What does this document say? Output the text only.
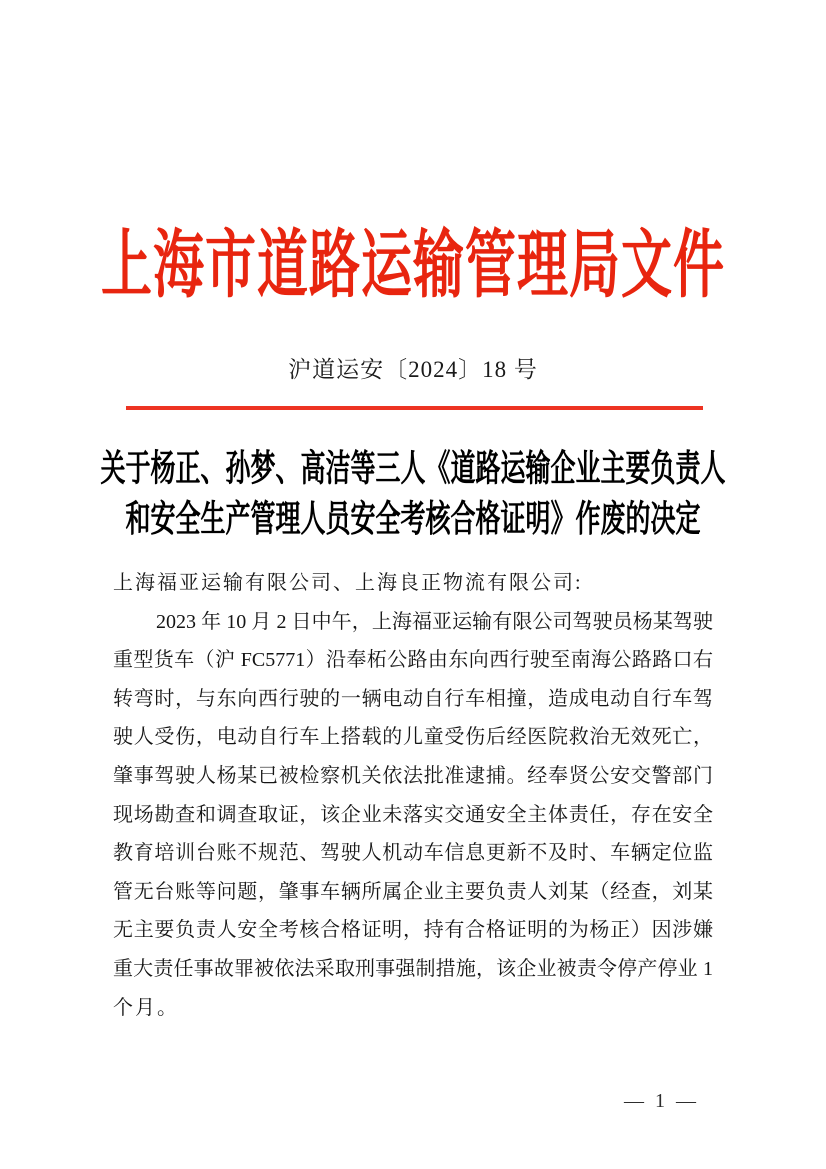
上海市道路运输管理局文件
沪道运安〔2024〕18 号
关于杨正、孙梦、高洁等三人《道路运输企业主要负责人
和安全生产管理人员安全考核合格证明》作废的决定
上海福亚运输有限公司、上海良正物流有限公司:
2023 年 10 月 2 日中午，上海福亚运输有限公司驾驶员杨某驾驶
重型货车（沪 FC5771）沿奉柘公路由东向西行驶至南海公路路口右
转弯时，与东向西行驶的一辆电动自行车相撞，造成电动自行车驾
驶人受伤，电动自行车上搭载的儿童受伤后经医院救治无效死亡，
肇事驾驶人杨某已被检察机关依法批准逮捕。经奉贤公安交警部门
现场勘查和调查取证，该企业未落实交通安全主体责任，存在安全
教育培训台账不规范、驾驶人机动车信息更新不及时、车辆定位监
管无台账等问题，肇事车辆所属企业主要负责人刘某（经查，刘某
无主要负责人安全考核合格证明，持有合格证明的为杨正）因涉嫌
重大责任事故罪被依法采取刑事强制措施，该企业被责令停产停业 1
个月。
— 1 —
